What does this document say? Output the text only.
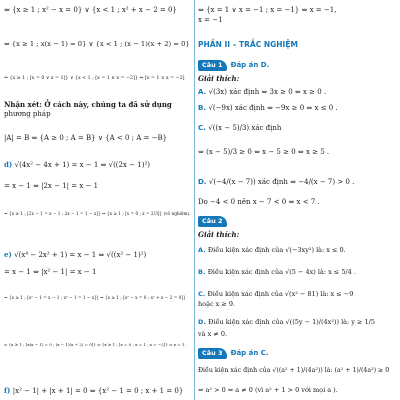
⇔ {x ≥ 1 ; x² − x = 0} ∨ {x < 1 ; x² + x − 2 = 0}
⇔ {x ≥ 1 ; x(x − 1) = 0} ∨ {x < 1 ; (x − 1)(x + 2) = 0}
⇔ {x ≥ 1 ; [x = 0 ∨ x = 1]} ∨ {x < 1 ; [x = 1 ∨ x = −2]} ⇔ [x = 1 ∨ x = −2]
Nhận xét: Ở cách này, chúng ta đã sử dụng
phương pháp
|A| = B ⇔ {A ≥ 0 ; A = B} ∨ {A < 0 ; A = −B}
d) √(4x² − 4x + 1) = x − 1 ⇔ √((2x − 1)²)
= x − 1 ⇔ |2x − 1| = x − 1
⇔ {x ≥ 1 ; [2x − 1 = x − 1 ; 2x − 1 = 1 − x]} ⇔ {x ≥ 1 ; [x = 0 ; x = 2/3]} (vô nghiệm).
e) √(x⁴ − 2x² + 1) = x − 1 ⇔ √((x² − 1)²)
= x − 1 ⇔ |x² − 1| = x − 1
⇔ {x ≥ 1 ; [x² − 1 = x − 1 ; x² − 1 = 1 − x]} ⇔ {x ≥ 1 ; [x² − x = 0 ; x² + x − 2 = 0]}
⇔ {x ≥ 1 ; [x(x − 1) = 0 ; (x − 1)(x + 2) = 0]} ⇔ {x ≥ 1 ; [x = 0 ; x = 1 ; x = −2]} ⇔ x = 1.
f) |x² − 1| + |x + 1| = 0 ⇔ {x² − 1 = 0 ; x + 1 = 0}
⇔ {x = 1 ∨ x = −1 ; x = −1} ⇔ x = −1,
x = −1
PHẦN II – TRẮC NGHIỆM
Câu 1 Đáp án D.
Giải thích:
A. √(3x) xác định ⇔ 3x ≥ 0 ⇔ x ≥ 0 .
B. √(−9x) xác định ⇔ −9x ≥ 0 ⇔ x ≤ 0 .
C. √((x − 5)/3) xác định
⇔ (x − 5)/3 ≥ 0 ⇔ x − 5 ≥ 0 ⇔ x ≥ 5 .
D. √(−4/(x − 7)) xác định ⇔ −4/(x − 7) > 0 .
Do −4 < 0 nên x − 7 < 0 ⇔ x < 7 .
Câu 2
Giải thích:
A. Điều kiện xác định của √(−3xy²) là: x ≤ 0.
B. Điều kiện xác định của √(5 − 4x) là: x ≤ 5/4 .
C. Điều kiện xác định của √(x² − 81) là: x ≤ −9
hoặc x ≥ 9.
D. Điều kiện xác định của √((5y − 1)/(4x²)) là: y ≥ 1/5
và x ≠ 0.
Câu 3 Đáp án C.
Điều kiện xác định của √((a² + 1)/(4a²)) là: (a² + 1)/(4a²) ≥ 0
⇔ a² > 0 ⇔ a ≠ 0 (vì a² + 1 > 0 với mọi a ).
